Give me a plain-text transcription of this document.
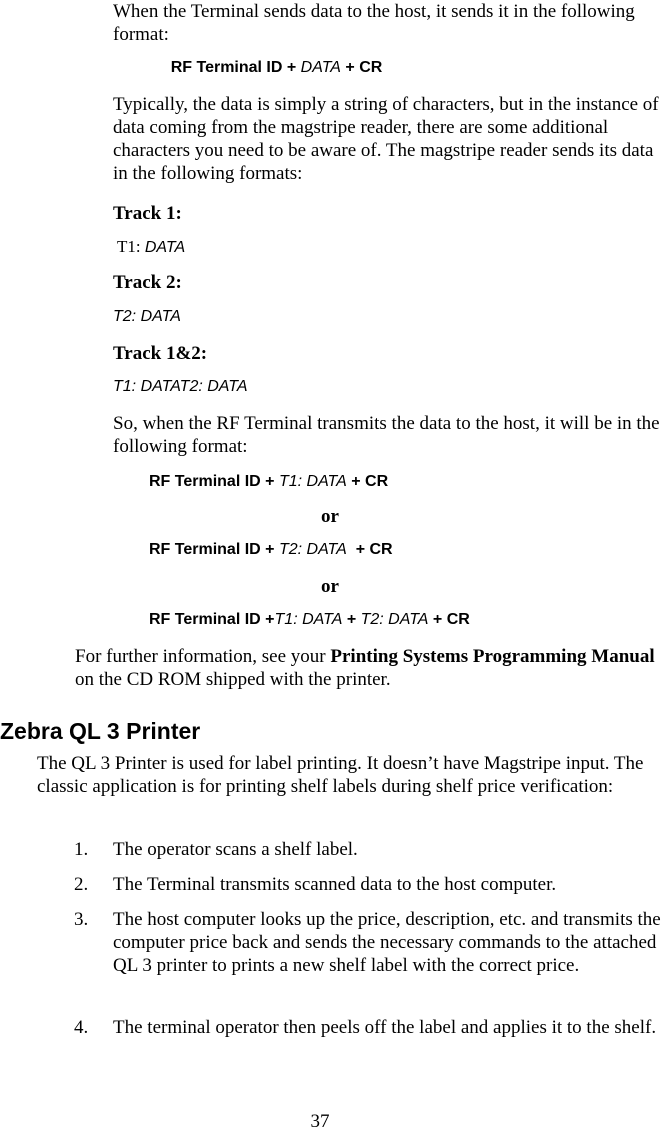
When the Terminal sends data to the host, it sends it in the following format:

RF Terminal ID + DATA + CR

Typically, the data is simply a string of characters, but in the instance of data coming from the magstripe reader, there are some additional characters you need to be aware of. The magstripe reader sends its data in the following formats:

Track 1:

T1: DATA

Track 2:

T2: DATA

Track 1&2:

T1: DATAT2: DATA

So, when the RF Terminal transmits the data to the host, it will be in the following format:

RF Terminal ID + T1: DATA + CR

or

RF Terminal ID + T2: DATA  + CR

or

RF Terminal ID +T1: DATA + T2: DATA + CR

For further information, see your Printing Systems Programming Manual on the CD ROM shipped with the printer.

Zebra QL 3 Printer

The QL 3 Printer is used for label printing. It doesn’t have Magstripe input. The classic application is for printing shelf labels during shelf price verification:

1. The operator scans a shelf label.
2. The Terminal transmits scanned data to the host computer.
3. The host computer looks up the price, description, etc. and transmits the computer price back and sends the necessary commands to the attached QL 3 printer to prints a new shelf label with the correct price.
4. The terminal operator then peels off the label and applies it to the shelf.

37
